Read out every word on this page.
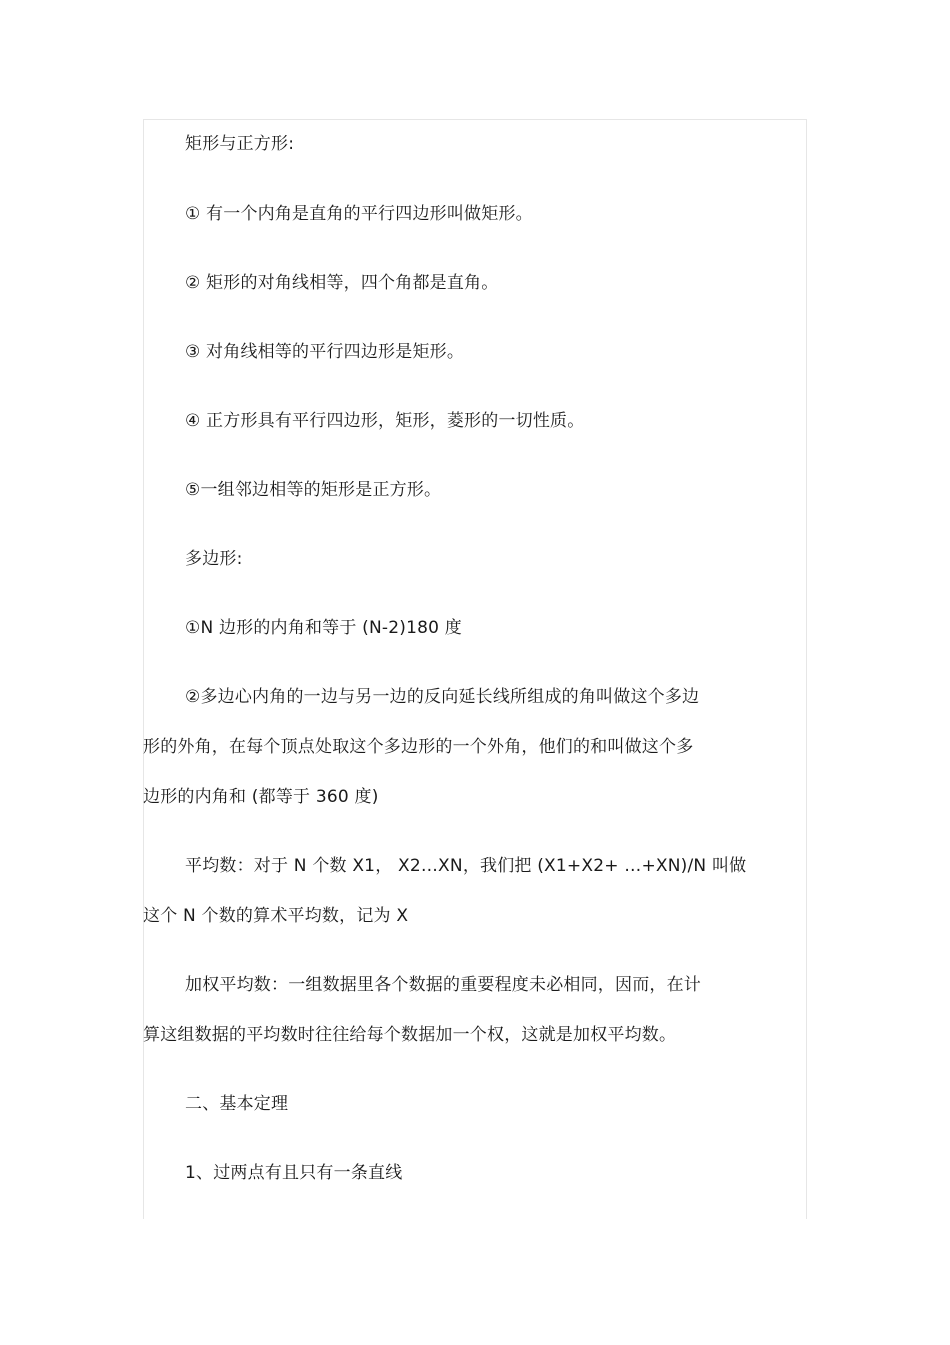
矩形与正方形:
① 有一个内角是直角的平行四边形叫做矩形。
② 矩形的对角线相等，四个角都是直角。
③ 对角线相等的平行四边形是矩形。
④ 正方形具有平行四边形，矩形，菱形的一切性质。
⑤一组邻边相等的矩形是正方形。
多边形:
①N 边形的内角和等于 (N-2)180 度
②多边心内角的一边与另一边的反向延长线所组成的角叫做这个多边
形的外角，在每个顶点处取这个多边形的一个外角，他们的和叫做这个多
边形的内角和 (都等于 360 度)
平均数：对于 N 个数 X1， X2…XN，我们把 (X1+X2+ …+XN)/N 叫做
这个 N 个数的算术平均数，记为 X
加权平均数：一组数据里各个数据的重要程度未必相同，因而，在计
算这组数据的平均数时往往给每个数据加一个权，这就是加权平均数。
二、基本定理
1、过两点有且只有一条直线
